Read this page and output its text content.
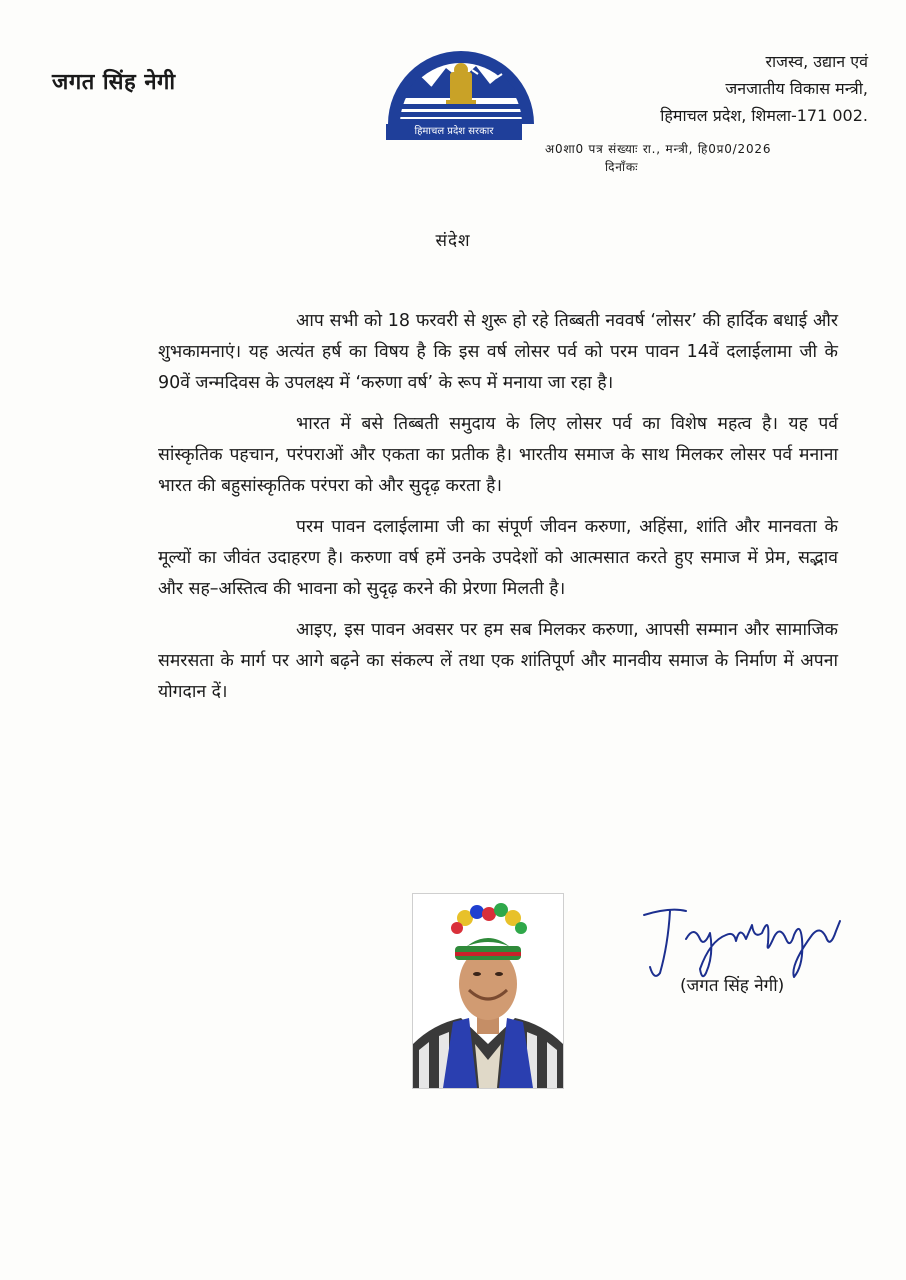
जगत सिंह नेगी
हिमाचल प्रदेश सरकार
राजस्व, उद्यान एवं
जनजातीय विकास मन्त्री,
हिमाचल प्रदेश, शिमला-171 002.
अ0शा0 पत्र संख्याः रा., मन्त्री, हि0प्र0/2026
दिनाँकः
संदेश

आप सभी को 18 फरवरी से शुरू हो रहे तिब्बती नववर्ष ‘लोसर’ की हार्दिक बधाई और शुभकामनाएं। यह अत्यंत हर्ष का विषय है कि इस वर्ष लोसर पर्व को परम पावन 14वें दलाईलामा जी के 90वें जन्मदिवस के उपलक्ष्य में ‘करुणा वर्ष’ के रूप में मनाया जा रहा है।

भारत में बसे तिब्बती समुदाय के लिए लोसर पर्व का विशेष महत्व है। यह पर्व सांस्कृतिक पहचान, परंपराओं और एकता का प्रतीक है। भारतीय समाज के साथ मिलकर लोसर पर्व मनाना भारत की बहुसांस्कृतिक परंपरा को और सुदृढ़ करता है।

परम पावन दलाईलामा जी का संपूर्ण जीवन करुणा, अहिंसा, शांति और मानवता के मूल्यों का जीवंत उदाहरण है। करुणा वर्ष हमें उनके उपदेशों को आत्मसात करते हुए समाज में प्रेम, सद्भाव और सह–अस्तित्व की भावना को सुदृढ़ करने की प्रेरणा मिलती है।

आइए, इस पावन अवसर पर हम सब मिलकर करुणा, आपसी सम्मान और सामाजिक समरसता के मार्ग पर आगे बढ़ने का संकल्प लें तथा एक शांतिपूर्ण और मानवीय समाज के निर्माण में अपना योगदान दें।

(जगत सिंह नेगी)
